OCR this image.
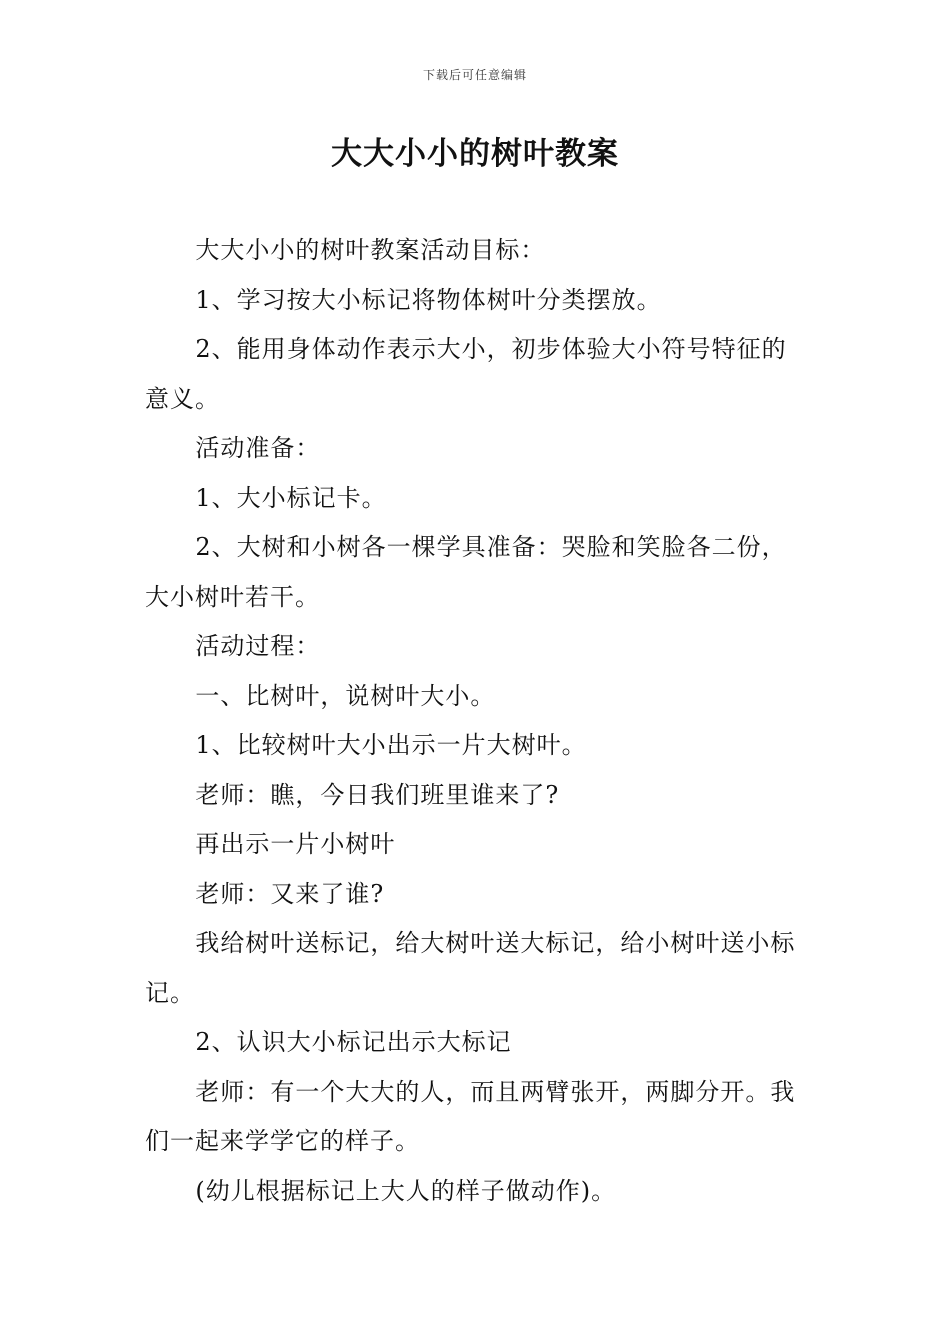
下载后可任意编辑
大大小小的树叶教案

大大小小的树叶教案活动目标：

1、学习按大小标记将物体树叶分类摆放。

2、能用身体动作表示大小，初步体验大小符号特征的意义。

活动准备：

1、大小标记卡。

2、大树和小树各一棵学具准备：哭脸和笑脸各二份，大小树叶若干。

活动过程：

一、比树叶，说树叶大小。

1、比较树叶大小出示一片大树叶。

老师：瞧，今日我们班里谁来了?

再出示一片小树叶

老师：又来了谁?

我给树叶送标记，给大树叶送大标记，给小树叶送小标记。

2、认识大小标记出示大标记

老师：有一个大大的人，而且两臂张开，两脚分开。我们一起来学学它的样子。

(幼儿根据标记上大人的样子做动作)。
